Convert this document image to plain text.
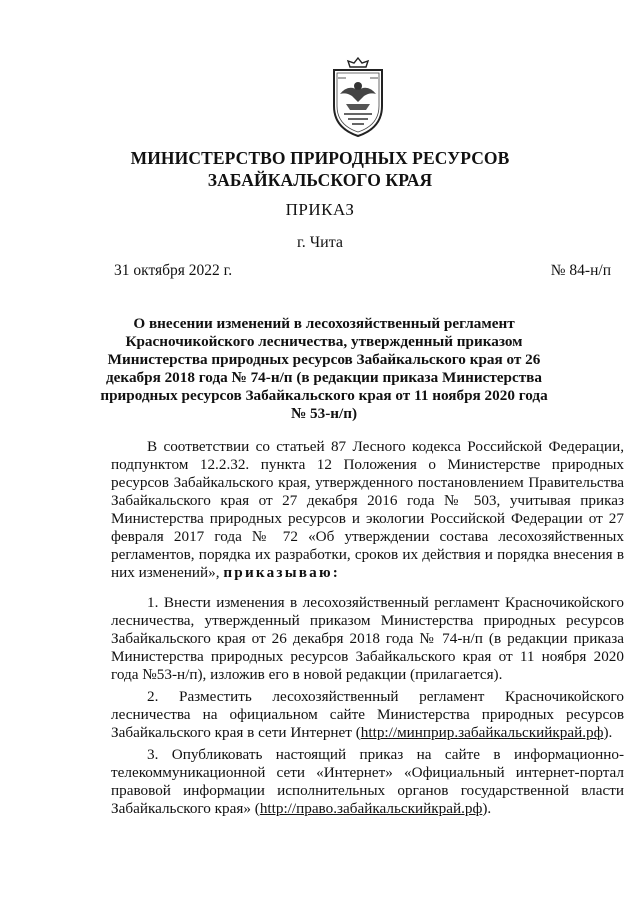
МИНИСТЕРСТВО ПРИРОДНЫХ РЕСУРСОВ
ЗАБАЙКАЛЬСКОГО КРАЯ
ПРИКАЗ
г. Чита
31 октября 2022 г.	№ 84-н/п
О внесении изменений в лесохозяйственный регламент Красночикойского лесничества, утвержденный приказом Министерства природных ресурсов Забайкальского края от 26 декабря 2018 года № 74-н/п (в редакции приказа Министерства природных ресурсов Забайкальского края от 11 ноября 2020 года № 53-н/п)

В соответствии со статьей 87 Лесного кодекса Российской Федерации, подпунктом 12.2.32. пункта 12 Положения о Министерстве природных ресурсов Забайкальского края, утвержденного постановлением Правительства Забайкальского края от 27 декабря 2016 года № 503, учитывая приказ Министерства природных ресурсов и экологии Российской Федерации от 27 февраля 2017 года № 72 «Об утверждении состава лесохозяйственных регламентов, порядка их разработки, сроков их действия и порядка внесения в них изменений», приказываю:

1. Внести изменения в лесохозяйственный регламент Красночикойского лесничества, утвержденный приказом Министерства природных ресурсов Забайкальского края от 26 декабря 2018 года № 74-н/п (в редакции приказа Министерства природных ресурсов Забайкальского края от 11 ноября 2020 года №53-н/п), изложив его в новой редакции (прилагается).

2. Разместить лесохозяйственный регламент Красночикойского лесничества на официальном сайте Министерства природных ресурсов Забайкальского края в сети Интернет (http://минприр.забайкальскийкрай.рф).

3. Опубликовать настоящий приказ на сайте в информационно-телекоммуникационной сети «Интернет» «Официальный интернет-портал правовой информации исполнительных органов государственной власти Забайкальского края» (http://право.забайкальскийкрай.рф).
